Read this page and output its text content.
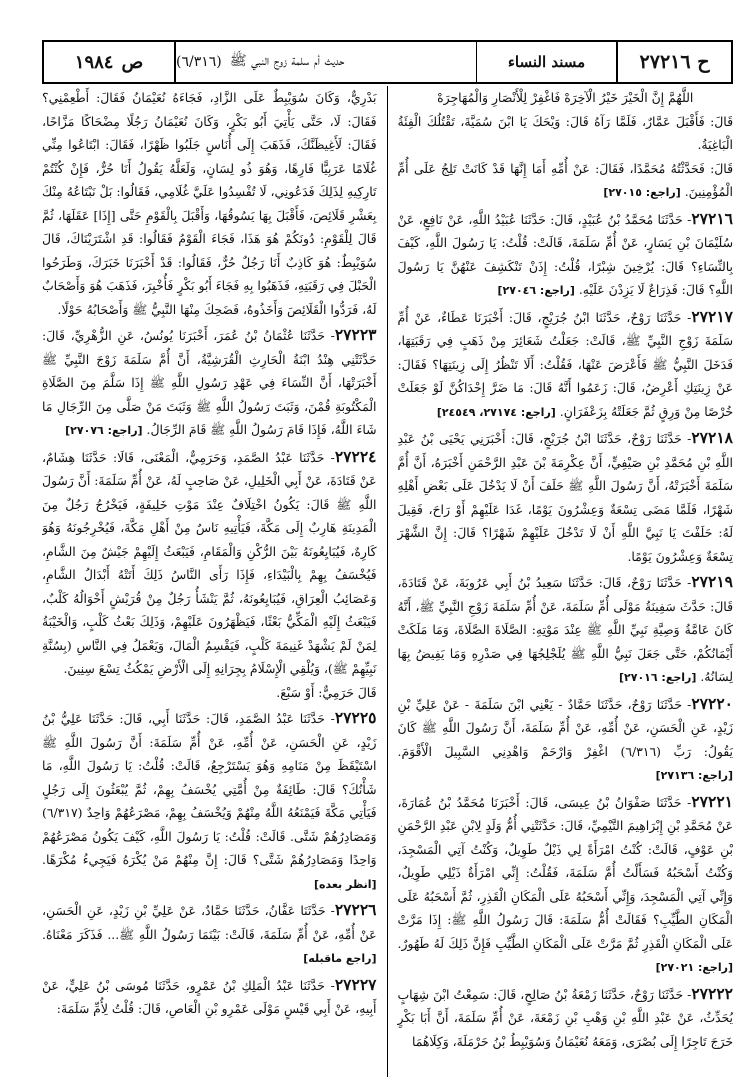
ح ٢٧٢١٦
مسند النساء
حديث أم سلمة زوج النبي ﷺ
(٦/٣١٦)
ص
١٩٨٤

اللَّهُمَّ إِنَّ الْخَيْرَ خَيْرُ الْآخِرَهْ فَاغْفِرْ لِلْأَنْصَارِ وَالْمُهَاجِرَهْ

قَالَ: فَأَقْبَلَ عَمَّارٌ، فَلَمَّا رَآهُ قَالَ: وَيْحَكَ يَا ابْنَ سُمَيَّةَ، تَقْتُلُكَ الْفِئَةُ الْبَاغِيَةُ.

قَالَ: فَحَدَّثْتُهُ مُحَمَّدًا، فَقَالَ: عَنْ أُمِّهِ أَمَا إِنَّهَا قَدْ كَانَتْ تَلِجُ عَلَى أُمِّ الْمُؤْمِنِينَ. [راجع: ٢٧٠١٥]

٢٧٢١٦- حَدَّثَنَا مُحَمَّدُ بْنُ عُبَيْدٍ، قَالَ: حَدَّثَنَا عُبَيْدُ اللَّهِ، عَنْ نَافِعٍ، عَنْ سُلَيْمَانَ بْنِ يَسَارٍ، عَنْ أُمِّ سَلَمَةَ، قَالَتْ: قُلْتُ: يَا رَسُولَ اللَّهِ، كَيْفَ بِالنِّسَاءِ؟ قَالَ: يُرْخِينَ شِبْرًا، قُلْتُ: إِذَنْ تَنْكَشِفَ عَنْهُنَّ يَا رَسُولَ اللَّهِ؟ قَالَ: فَذِرَاعٌ لَا يَزِدْنَ عَلَيْهِ. [راجع: ٢٧٠٤٦]

٢٧٢١٧- حَدَّثَنَا رَوْحٌ، حَدَّثَنَا ابْنُ جُرَيْجٍ، قَالَ: أَخْبَرَنَا عَطَاءٌ، عَنْ أُمِّ سَلَمَةَ زَوْجِ النَّبِيِّ ﷺ، قَالَتْ: جَعَلْتُ شَعَائِرَ مِنْ ذَهَبٍ فِي رَقَبَتِهَا، فَدَخَلَ النَّبِيُّ ﷺ فَأَعْرَضَ عَنْهَا، فَقُلْتُ: أَلَا تَنْظُرُ إِلَى زِينَتِهَا؟ فَقَالَ: عَنْ زِينَتِكِ أَعْرِضُ، قَالَ: زَعَمُوا أَنَّهُ قَالَ: مَا ضَرَّ إِحْدَاكُنَّ لَوْ جَعَلَتْ خُرْصًا مِنْ وَرِقٍ ثُمَّ جَعَلَتْهُ بِزَعْفَرَانٍ. [راجع: ٢٧١٧٤، ٢٤٥٤٩]

٢٧٢١٨- حَدَّثَنَا رَوْحٌ، حَدَّثَنَا ابْنُ جُرَيْجٍ، قَالَ: أَخْبَرَنِي يَحْيَى بْنُ عَبْدِ اللَّهِ بْنِ مُحَمَّدِ بْنِ صَيْفِيٍّ، أَنَّ عِكْرِمَةَ بْنَ عَبْدِ الرَّحْمَنِ أَخْبَرَهُ، أَنَّ أُمَّ سَلَمَةَ أَخْبَرَتْهُ، أَنَّ رَسُولَ اللَّهِ ﷺ حَلَفَ أَنْ لَا يَدْخُلَ عَلَى بَعْضِ أَهْلِهِ شَهْرًا، فَلَمَّا مَضَى تِسْعَةٌ وَعِشْرُونَ يَوْمًا، غَدَا عَلَيْهِمْ أَوْ رَاحَ، فَقِيلَ لَهُ: حَلَفْتَ يَا نَبِيَّ اللَّهِ أَنْ لَا تَدْخُلَ عَلَيْهِمْ شَهْرًا؟ قَالَ: إِنَّ الشَّهْرَ تِسْعَةٌ وَعِشْرُونَ يَوْمًا.

٢٧٢١٩- حَدَّثَنَا رَوْحٌ، قَالَ: حَدَّثَنَا سَعِيدُ بْنُ أَبِي عَرُوبَةَ، عَنْ قَتَادَةَ، قَالَ: حَدَّثَ سَفِينَةُ مَوْلَى أُمِّ سَلَمَةَ، عَنْ أُمِّ سَلَمَةَ زَوْجِ النَّبِيِّ ﷺ، أَنَّهُ كَانَ عَامَّةُ وَصِيَّةِ نَبِيِّ اللَّهِ ﷺ عِنْدَ مَوْتِهِ: الصَّلَاةَ الصَّلَاةَ، وَمَا مَلَكَتْ أَيْمَانُكُمْ، حَتَّى جَعَلَ نَبِيُّ اللَّهِ ﷺ يُلَجْلِجُهَا فِي صَدْرِهِ وَمَا يَفِيضُ بِهَا لِسَانُهُ. [راجع: ٢٧٠١٦]

٢٧٢٢٠- حَدَّثَنَا رَوْحٌ، حَدَّثَنَا حَمَّادٌ - يَعْنِي ابْنَ سَلَمَةَ - عَنْ عَلِيِّ بْنِ زَيْدٍ، عَنِ الْحَسَنِ، عَنْ أُمِّهِ، عَنْ أُمِّ سَلَمَةَ، أَنَّ رَسُولَ اللَّهِ ﷺ كَانَ يَقُولُ: رَبِّ (٦/٣١٦) اغْفِرْ وَارْحَمْ وَاهْدِنِي السَّبِيلَ الْأَقْوَمَ. [راجع: ٢٧١٣٦]

٢٧٢٢١- حَدَّثَنَا صَفْوَانُ بْنُ عِيسَى، قَالَ: أَخْبَرَنَا مُحَمَّدُ بْنُ عُمَارَةَ، عَنْ مُحَمَّدِ بْنِ إِبْرَاهِيمَ التَّيْمِيِّ، قَالَ: حَدَّثَتْنِي أُمُّ وَلَدٍ لِابْنِ عَبْدِ الرَّحْمَنِ بْنِ عَوْفٍ، قَالَتْ: كُنْتُ امْرَأَةً لِي ذَيْلٌ طَوِيلٌ، وَكُنْتُ آتِي الْمَسْجِدَ، وَكُنْتُ أَسْحَبُهُ فَسَأَلْتُ أُمَّ سَلَمَةَ، فَقُلْتُ: إِنِّي امْرَأَةٌ ذَيْلِي طَوِيلٌ، وَإِنِّي آتِي الْمَسْجِدَ، وَإِنِّي أَسْحَبُهُ عَلَى الْمَكَانِ الْقَذِرِ، ثُمَّ أَسْحَبُهُ عَلَى الْمَكَانِ الطَّيِّبِ؟ فَقَالَتْ أُمُّ سَلَمَةَ: قَالَ رَسُولُ اللَّهِ ﷺ: إِذَا مَرَّتْ عَلَى الْمَكَانِ الْقَذِرِ ثُمَّ مَرَّتْ عَلَى الْمَكَانِ الطَّيِّبِ فَإِنَّ ذَلِكَ لَهُ طَهُورٌ. [راجع: ٢٧٠٢١]

٢٧٢٢٢- حَدَّثَنَا رَوْحٌ، حَدَّثَنَا زَمْعَةُ بْنُ صَالِحٍ، قَالَ: سَمِعْتُ ابْنَ شِهَابٍ يُحَدِّثُ، عَنْ عَبْدِ اللَّهِ بْنِ وَهْبِ بْنِ زَمْعَةَ، عَنْ أُمِّ سَلَمَةَ، أَنَّ أَبَا بَكْرٍ خَرَجَ تَاجِرًا إِلَى بُصْرَى، وَمَعَهُ نُعَيْمَانُ وَسُوَيْبِطُ بْنُ حَرْمَلَةَ، وَكِلَاهُمَا

بَدْرِيٌّ، وَكَانَ سُوَيْبِطٌ عَلَى الزَّادِ، فَجَاءَهُ نُعَيْمَانُ فَقَالَ: أَطْعِمْنِي؟ فَقَالَ: لَا، حَتَّى يَأْتِيَ أَبُو بَكْرٍ، وَكَانَ نُعَيْمَانُ رَجُلًا مِضْحَاكًا مَزَّاحًا، فَقَالَ: لَأَغِيظَنَّكَ، فَذَهَبَ إِلَى أُنَاسٍ جَلَبُوا ظَهْرًا، فَقَالَ: ابْتَاعُوا مِنِّي غُلَامًا عَرَبِيًّا فَارِهًا، وَهُوَ ذُو لِسَانٍ، وَلَعَلَّهُ يَقُولُ أَنَا حُرٌّ، فَإِنْ كُنْتُمْ تَارِكِيهِ لِذَلِكَ فَدَعُونِي، لَا تُفْسِدُوا عَلَيَّ غُلَامِي، فَقَالُوا: بَلْ نَبْتَاعُهُ مِنْكَ بِعَشْرِ قَلَائِصَ، فَأَقْبَلَ بِهَا يَسُوقُهَا، وَأَقْبَلَ بِالْقَوْمِ حَتَّى [إِذَا] عَقَلَهَا، ثُمَّ قَالَ لِلْقَوْمِ: دُونَكُمْ هُوَ هَذَا، فَجَاءَ الْقَوْمُ فَقَالُوا: قَدِ اشْتَرَيْنَاكَ، قَالَ سُوَيْبِطٌ: هُوَ كَاذِبٌ أَنَا رَجُلٌ حُرٌّ، فَقَالُوا: قَدْ أَخْبَرَنَا خَبَرَكَ، وَطَرَحُوا الْحَبْلَ فِي رَقَبَتِهِ، فَذَهَبُوا بِهِ فَجَاءَ أَبُو بَكْرٍ فَأُخْبِرَ، فَذَهَبَ هُوَ وَأَصْحَابٌ لَهُ، فَرَدُّوا الْقَلَائِصَ وَأَخَذُوهُ، فَضَحِكَ مِنْهَا النَّبِيُّ ﷺ وَأَصْحَابُهُ حَوْلًا.

٢٧٢٢٣- حَدَّثَنَا عُثْمَانُ بْنُ عُمَرَ، أَخْبَرَنَا يُونُسُ، عَنِ الزُّهْرِيِّ، قَالَ: حَدَّثَتْنِي هِنْدُ ابْنَةُ الْحَارِثِ الْقُرَشِيَّةُ، أَنَّ أُمَّ سَلَمَةَ زَوْجَ النَّبِيِّ ﷺ أَخْبَرَتْهَا، أَنَّ النِّسَاءَ فِي عَهْدِ رَسُولِ اللَّهِ ﷺ إِذَا سَلَّمَ مِنَ الصَّلَاةِ الْمَكْتُوبَةِ قُمْنَ، وَثَبَتَ رَسُولُ اللَّهِ ﷺ وَثَبَتَ مَنْ صَلَّى مِنَ الرِّجَالِ مَا شَاءَ اللَّهُ، فَإِذَا قَامَ رَسُولُ اللَّهِ ﷺ قَامَ الرِّجَالُ. [راجع: ٢٧٠٧٦]

٢٧٢٢٤- حَدَّثَنَا عَبْدُ الصَّمَدِ، وَحَرَمِيٌّ، الْمَعْنَى، قَالَا: حَدَّثَنَا هِشَامٌ، عَنْ قَتَادَةَ، عَنْ أَبِي الْخَلِيلِ، عَنْ صَاحِبٍ لَهُ، عَنْ أُمِّ سَلَمَةَ: أَنَّ رَسُولَ اللَّهِ ﷺ قَالَ: يَكُونُ اخْتِلَافٌ عِنْدَ مَوْتِ خَلِيفَةٍ، فَيَخْرُجُ رَجُلٌ مِنَ الْمَدِينَةِ هَارِبٌ إِلَى مَكَّةَ، فَيَأْتِيهِ نَاسٌ مِنْ أَهْلِ مَكَّةَ، فَيُخْرِجُونَهُ وَهُوَ كَارِهٌ، فَيُبَايِعُونَهُ بَيْنَ الرُّكْنِ وَالْمَقَامِ، فَيَبْعَثُ إِلَيْهِمْ جَيْشٌ مِنَ الشَّامِ، فَيُخْسَفُ بِهِمْ بِالْبَيْدَاءِ، فَإِذَا رَأَى النَّاسُ ذَلِكَ أَتَتْهُ أَبْدَالُ الشَّامِ، وَعَصَائِبُ الْعِرَاقِ، فَيُبَايِعُونَهُ، ثُمَّ يَنْشَأُ رَجُلٌ مِنْ قُرَيْشٍ أَخْوَالُهُ كَلْبٌ، فَيَبْعَثُ إِلَيْهِ الْمَكِّيُّ بَعْثًا، فَيَظْهَرُونَ عَلَيْهِمْ، وَذَلِكَ بَعْثُ كَلْبٍ، وَالْخَيْبَةُ لِمَنْ لَمْ يَشْهَدْ غَنِيمَةَ كَلْبٍ، فَيَقْسِمُ الْمَالَ، وَيَعْمَلُ فِي النَّاسِ (بِسُنَّةِ نَبِيِّهِمْ ﷺ)، وَيُلْقِي الْإِسْلَامُ بِجِرَانِهِ إِلَى الْأَرْضِ يَمْكُثُ تِسْعَ سِنِينَ.

قَالَ حَرَمِيٌّ: أَوْ سَبْعَ.

٢٧٢٢٥- حَدَّثَنَا عَبْدُ الصَّمَدِ، قَالَ: حَدَّثَنَا أَبِي، قَالَ: حَدَّثَنَا عَلِيُّ بْنُ زَيْدٍ، عَنِ الْحَسَنِ، عَنْ أُمِّهِ، عَنْ أُمِّ سَلَمَةَ: أَنَّ رَسُولَ اللَّهِ ﷺ اسْتَيْقَظَ مِنْ مَنَامِهِ وَهُوَ يَسْتَرْجِعُ، قَالَتْ: قُلْتُ: يَا رَسُولَ اللَّهِ، مَا شَأْنُكَ؟ قَالَ: طَائِفَةٌ مِنْ أُمَّتِي يُخْسَفُ بِهِمْ، ثُمَّ يُبْعَثُونَ إِلَى رَجُلٍ فَيَأْتِي مَكَّةَ فَيَمْنَعُهُ اللَّهُ مِنْهُمْ وَيُخْسَفُ بِهِمْ، مَصْرَعُهُمْ وَاحِدٌ (٦/٣١٧) وَمَصَادِرُهُمْ شَتَّى. قَالَتْ: قُلْتُ: يَا رَسُولَ اللَّهِ، كَيْفَ يَكُونُ مَصْرَعُهُمْ وَاحِدًا وَمَصَادِرُهُمْ شَتَّى؟ قَالَ: إِنَّ مِنْهُمْ مَنْ يُكْرَهُ فَيَجِيءُ مُكْرَهًا. [انظر بعده]

٢٧٢٢٦- حَدَّثَنَا عَفَّانُ، حَدَّثَنَا حَمَّادٌ، عَنْ عَلِيِّ بْنِ زَيْدٍ، عَنِ الْحَسَنِ، عَنْ أُمِّهِ، عَنْ أُمِّ سَلَمَةَ، قَالَتْ: بَيْنَمَا رَسُولُ اللَّهِ ﷺ... فَذَكَرَ مَعْنَاهُ. [راجع ماقبله]

٢٧٢٢٧- حَدَّثَنَا عَبْدُ الْمَلِكِ بْنُ عَمْرٍو، حَدَّثَنَا مُوسَى بْنُ عَلِيٍّ، عَنْ أَبِيهِ، عَنْ أَبِي قَيْسٍ مَوْلَى عَمْرِو بْنِ الْعَاصِ، قَالَ: قُلْتُ لِأُمِّ سَلَمَةَ:
